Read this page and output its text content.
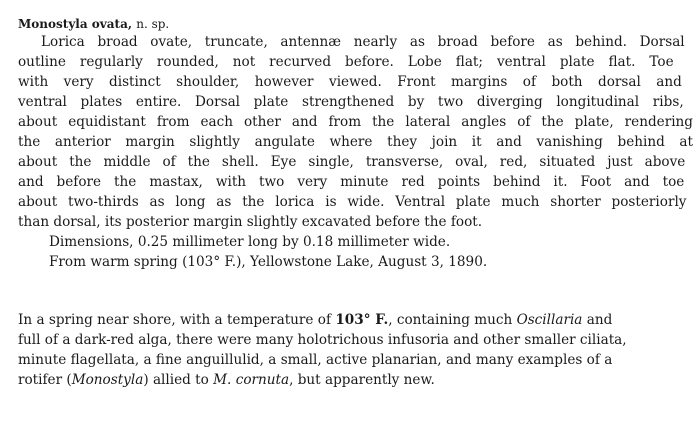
Monostyla ovata, n. sp.
Lorica broad ovate, truncate, antennæ nearly as broad before as behind. Dorsal
outline regularly rounded, not recurved before. Lobe flat; ventral plate flat. Toe
with very distinct shoulder, however viewed. Front margins of both dorsal and
ventral plates entire. Dorsal plate strengthened by two diverging longitudinal ribs,
about equidistant from each other and from the lateral angles of the plate, rendering
the anterior margin slightly angulate where they join it and vanishing behind at
about the middle of the shell. Eye single, transverse, oval, red, situated just above
and before the mastax, with two very minute red points behind it. Foot and toe
about two-thirds as long as the lorica is wide. Ventral plate much shorter posteriorly
than dorsal, its posterior margin slightly excavated before the foot.
Dimensions, 0.25 millimeter long by 0.18 millimeter wide.
From warm spring (103° F.), Yellowstone Lake, August 3, 1890.
In a spring near shore, with a temperature of 103° F., containing much Oscillaria and
full of a dark-red alga, there were many holotrichous infusoria and other smaller ciliata,
minute flagellata, a fine anguillulid, a small, active planarian, and many examples of a
rotifer (Monostyla) allied to M. cornuta, but apparently new.
